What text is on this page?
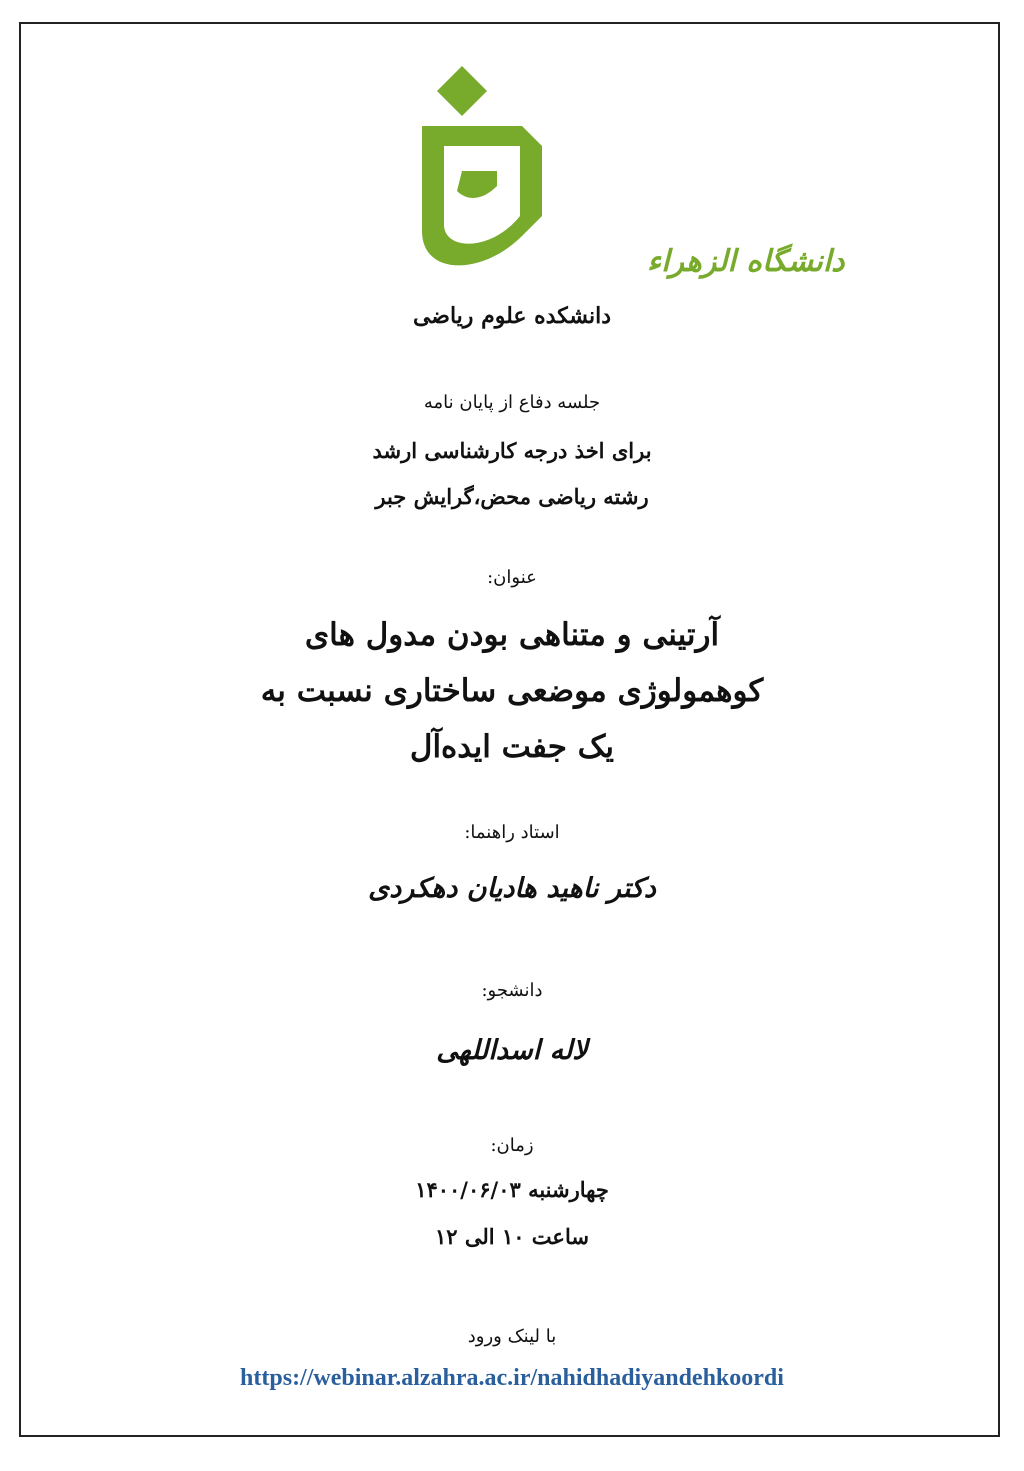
دانشگاه الزهراء
دانشکده علوم ریاضی
جلسه دفاع از پایان نامه
برای اخذ درجه کارشناسی ارشد
رشته ریاضی محض،گرایش جبر
عنوان:
آرتینی و متناهی بودن مدول های
کوهمولوژی موضعی ساختاری نسبت به
یک جفت ایده‌آل
استاد راهنما:
دکتر ناهید هادیان دهکردی
دانشجو:
لاله اسداللهی
زمان:
چهارشنبه ۱۴۰۰/۰۶/۰۳
ساعت ۱۰ الی ۱۲
با لینک ورود
https://webinar.alzahra.ac.ir/nahidhadiyandehkoordi
